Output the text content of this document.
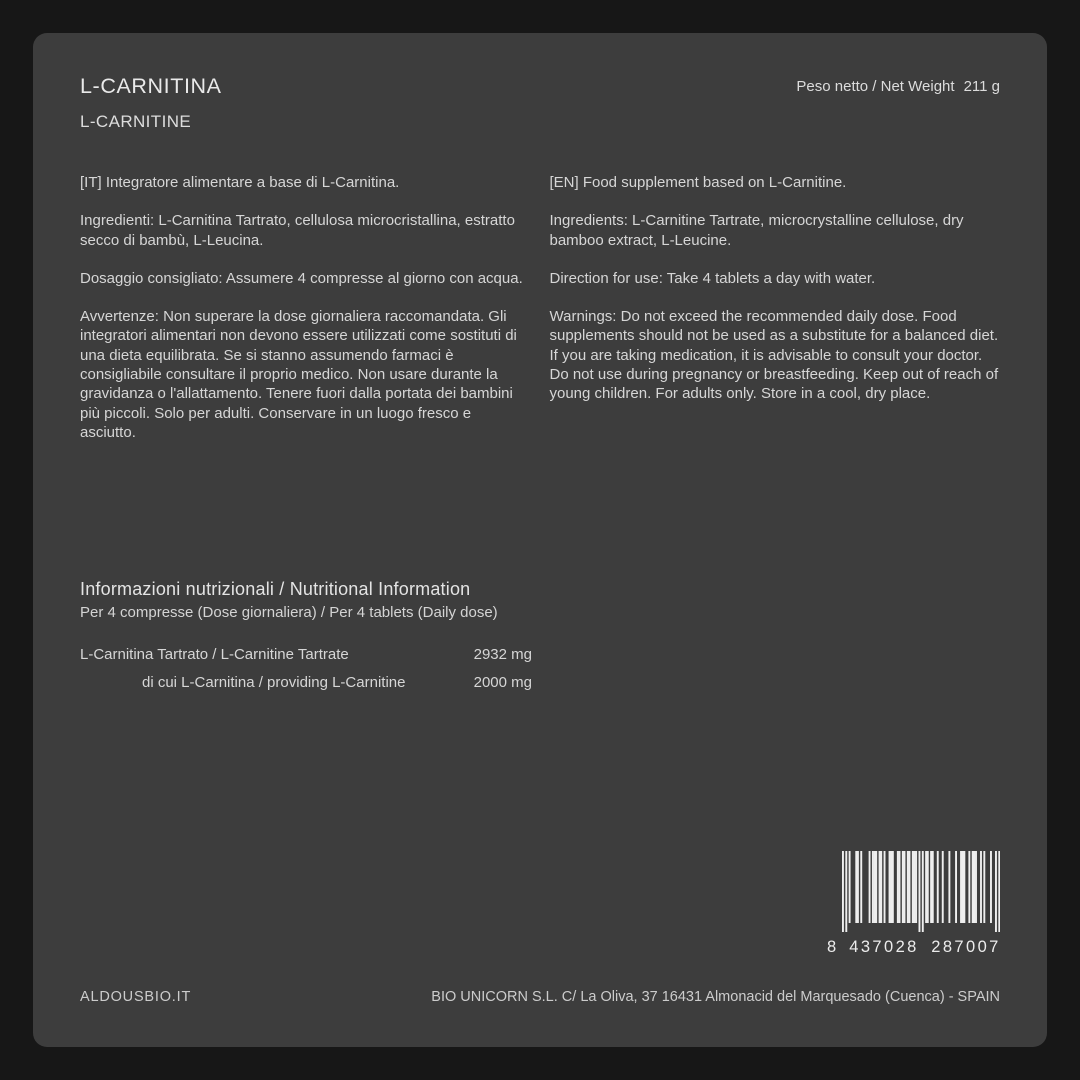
L-CARNITINA
L-CARNITINE
Peso netto / Net Weight 211 g

[IT] Integratore alimentare a base di L-Carnitina.

Ingredienti: L-Carnitina Tartrato, cellulosa microcristallina, estratto secco di bambù, L-Leucina.

Dosaggio consigliato: Assumere 4 compresse al giorno con acqua.

Avvertenze: Non superare la dose giornaliera raccomandata. Gli integratori alimentari non devono essere utilizzati come sostituti di una dieta equilibrata. Se si stanno assumendo farmaci è consigliabile consultare il proprio medico. Non usare durante la gravidanza o l'allattamento. Tenere fuori dalla portata dei bambini più piccoli. Solo per adulti. Conservare in un luogo fresco e asciutto.

[EN] Food supplement based on L-Carnitine.

Ingredients: L-Carnitine Tartrate, microcrystalline cellulose, dry bamboo extract, L-Leucine.

Direction for use: Take 4 tablets a day with water.

Warnings: Do not exceed the recommended daily dose. Food supplements should not be used as a substitute for a balanced diet. If you are taking medication, it is advisable to consult your doctor. Do not use during pregnancy or breastfeeding. Keep out of reach of young children. For adults only. Store in a cool, dry place.

Informazioni nutrizionali / Nutritional Information

Per 4 compresse (Dose giornaliera) / Per 4 tablets (Daily dose)

L-Carnitina Tartrato / L-Carnitine Tartrate	2932 mg
di cui L-Carnitina / providing L-Carnitine	2000 mg
8 437028 287007
ALDOUSBIO.IT	BIO UNICORN S.L. C/ La Oliva, 37 16431 Almonacid del Marquesado (Cuenca) - SPAIN
